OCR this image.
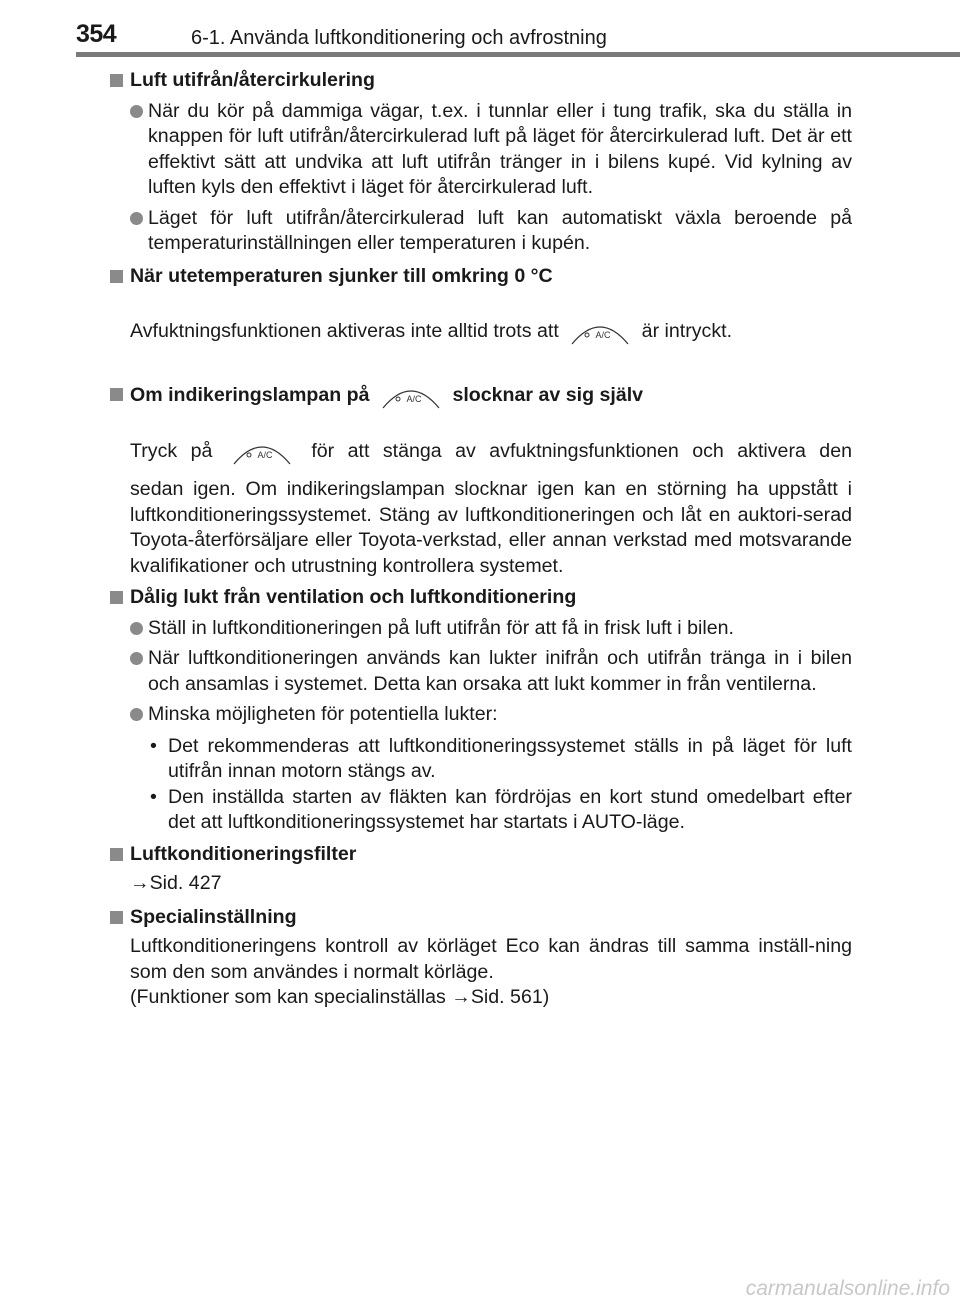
354	6-1. Använda luftkonditionering och avfrostning
Luft utifrån/återcirkulering
När du kör på dammiga vägar, t.ex. i tunnlar eller i tung trafik, ska du ställa in knappen för luft utifrån/återcirkulerad luft på läget för återcirkulerad luft. Det är ett effektivt sätt att undvika att luft utifrån tränger in i bilens kupé. Vid kylning av luften kyls den effektivt i läget för återcirkulerad luft.
Läget för luft utifrån/återcirkulerad luft kan automatiskt växla beroende på temperaturinställningen eller temperaturen i kupén.
När utetemperaturen sjunker till omkring 0 °C
Avfuktningsfunktionen aktiveras inte alltid trots att	A/C är intryckt.
Om indikeringslampan på	A/C slocknar av sig själv
Tryck på	A/C för att stänga av avfuktningsfunktionen och aktivera den
sedan igen. Om indikeringslampan slocknar igen kan en störning ha uppstått i luftkonditioneringssystemet. Stäng av luftkonditioneringen och låt en auktori-serad Toyota-återförsäljare eller Toyota-verkstad, eller annan verkstad med motsvarande kvalifikationer och utrustning kontrollera systemet.
Dålig lukt från ventilation och luftkonditionering
Ställ in luftkonditioneringen på luft utifrån för att få in frisk luft i bilen.
När luftkonditioneringen används kan lukter inifrån och utifrån tränga in i bilen och ansamlas i systemet. Detta kan orsaka att lukt kommer in från ventilerna.
Minska möjligheten för potentiella lukter:
• Det rekommenderas att luftkonditioneringssystemet ställs in på läget för luft utifrån innan motorn stängs av.
• Den inställda starten av fläkten kan fördröjas en kort stund omedelbart efter det att luftkonditioneringssystemet har startats i AUTO-läge.
Luftkonditioneringsfilter
→Sid. 427
Specialinställning
Luftkonditioneringens kontroll av körläget Eco kan ändras till samma inställ-ning som den som användes i normalt körläge.
(Funktioner som kan specialinställas →Sid. 561)
carmanualsonline.info
